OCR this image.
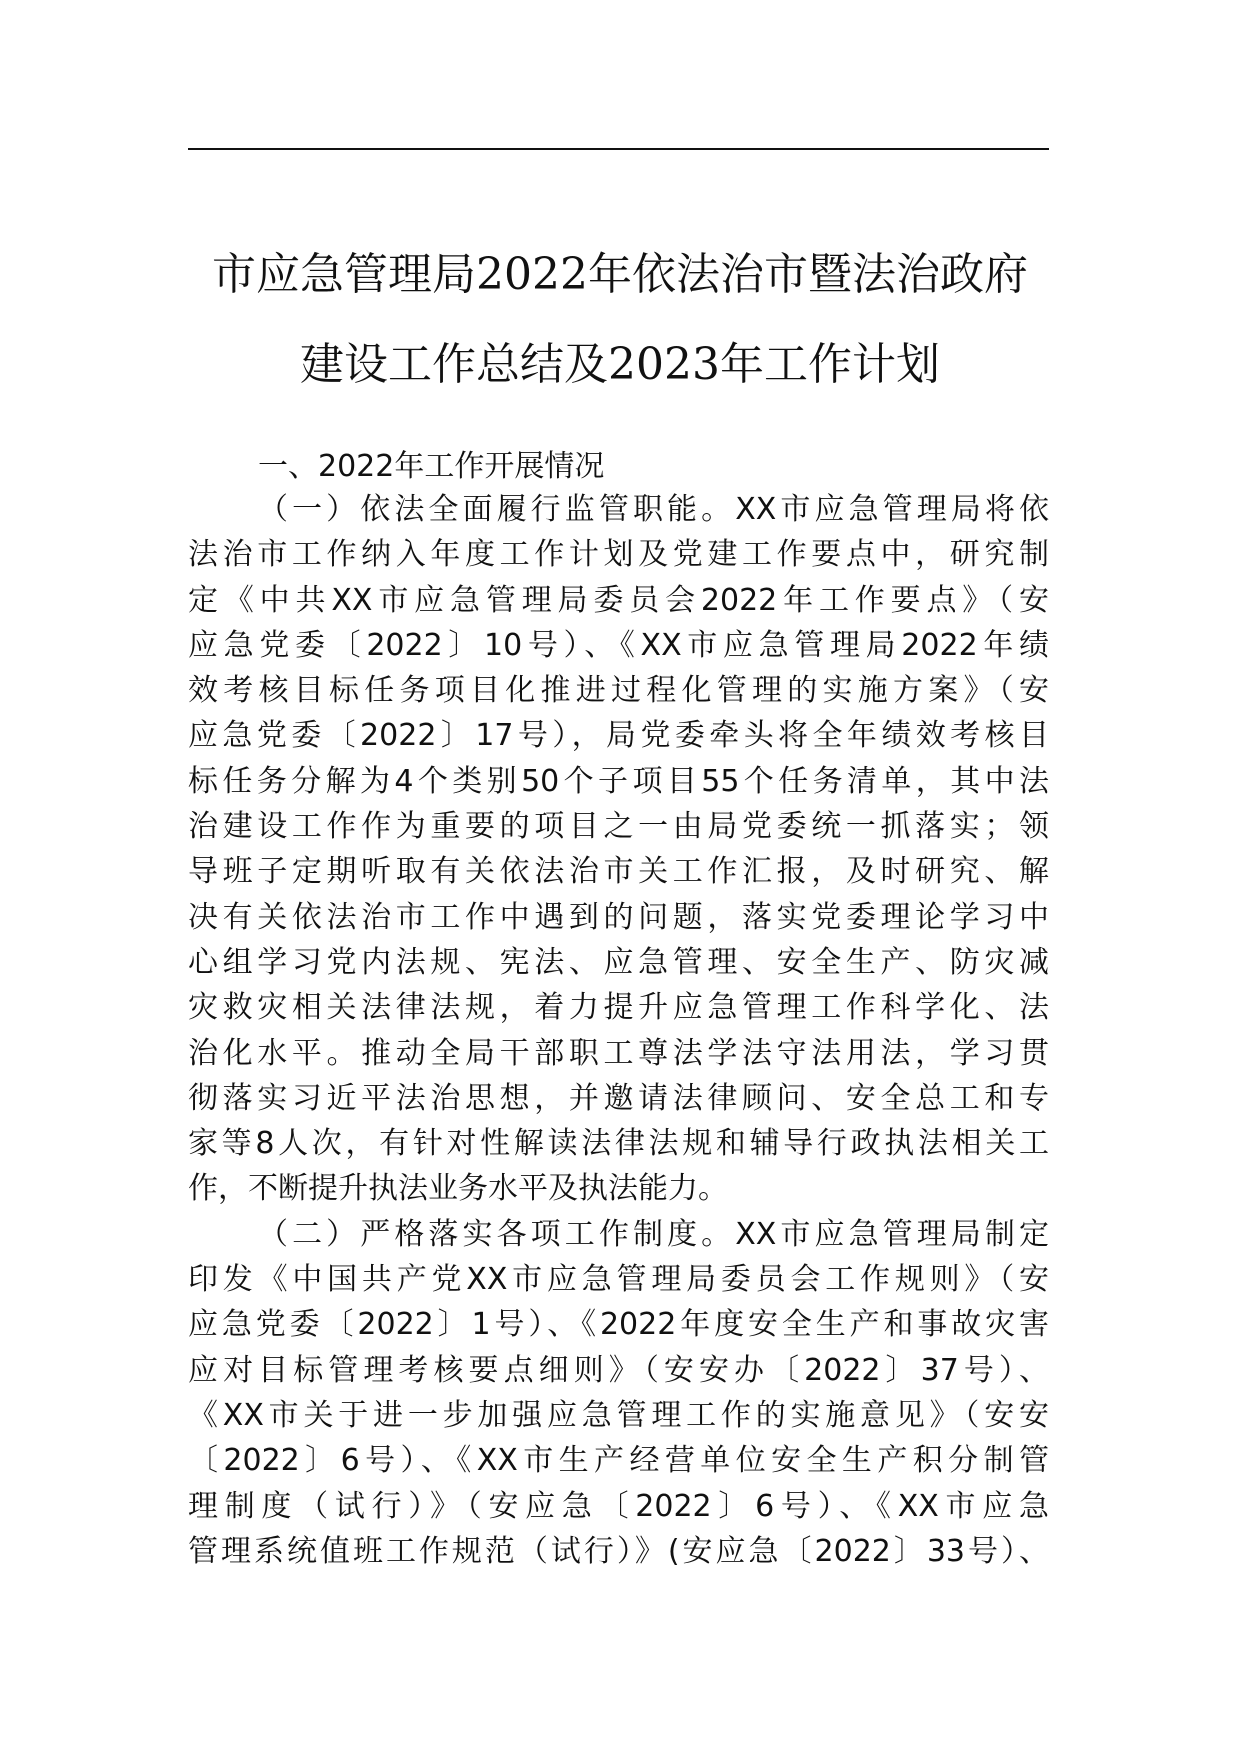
市应急管理局2022年依法治市暨法治政府
建设工作总结及2023年工作计划
一、2022年工作开展情况
（一）依法全面履行监管职能。XX市应急管理局将依
法治市工作纳入年度工作计划及党建工作要点中，研究制
定《中共XX市应急管理局委员会2022年工作要点》（安
应急党委〔2022〕10号）、《XX市应急管理局2022年绩
效考核目标任务项目化推进过程化管理的实施方案》（安
应急党委〔2022〕17号），局党委牵头将全年绩效考核目
标任务分解为4个类别50个子项目55个任务清单，其中法
治建设工作作为重要的项目之一由局党委统一抓落实；领
导班子定期听取有关依法治市关工作汇报，及时研究、解
决有关依法治市工作中遇到的问题，落实党委理论学习中
心组学习党内法规、宪法、应急管理、安全生产、防灾减
灾救灾相关法律法规，着力提升应急管理工作科学化、法
治化水平。推动全局干部职工尊法学法守法用法，学习贯
彻落实习近平法治思想，并邀请法律顾问、安全总工和专
家等8人次，有针对性解读法律法规和辅导行政执法相关工
作，不断提升执法业务水平及执法能力。
（二）严格落实各项工作制度。XX市应急管理局制定
印发《中国共产党XX市应急管理局委员会工作规则》（安
应急党委〔2022〕1号）、《2022年度安全生产和事故灾害
应对目标管理考核要点细则》（安安办〔2022〕37号）、
《XX市关于进一步加强应急管理工作的实施意见》（安安
〔2022〕6号）、《XX市生产经营单位安全生产积分制管
理制度（试行）》（安应急〔2022〕6号）、《XX市应急
管理系统值班工作规范（试行）》(安应急〔2022〕33号）、
